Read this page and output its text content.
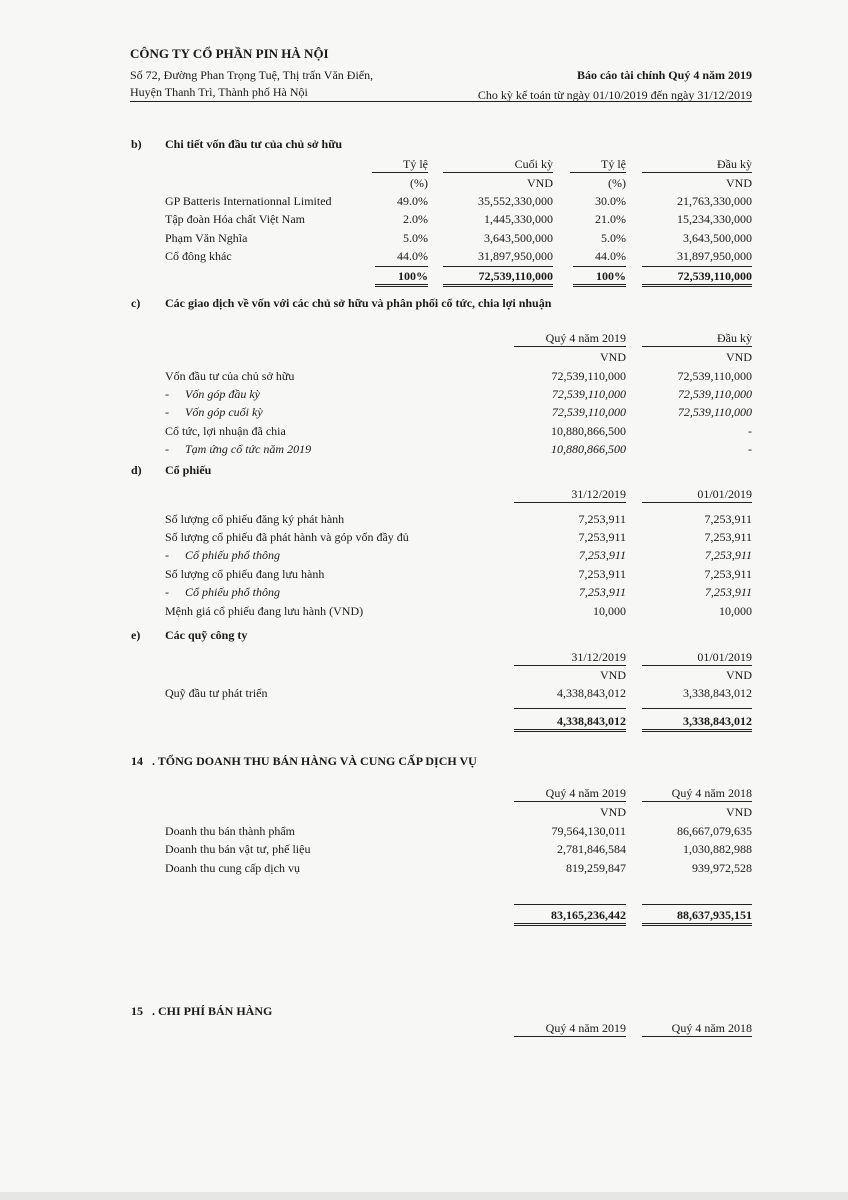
CÔNG TY CỔ PHẦN PIN HÀ NỘI
Số 72, Đường Phan Trọng Tuệ, Thị trấn Văn Điển,
Huyện Thanh Trì, Thành phố Hà Nội
Báo cáo tài chính Quý 4 năm 2019
Cho kỳ kế toán từ ngày 01/10/2019 đến ngày 31/12/2019
b) Chi tiết vốn đầu tư của chủ sở hữu
Tỷ lệ	Cuối kỳ	Tỷ lệ	Đầu kỳ
(%)	VND	(%)	VND
GP Batteris Internationnal Limited	49.0%	35,552,330,000	30.0%	21,763,330,000
Tập đoàn Hóa chất Việt Nam	2.0%	1,445,330,000	21.0%	15,234,330,000
Phạm Văn Nghĩa	5.0%	3,643,500,000	5.0%	3,643,500,000
Cổ đông khác	44.0%	31,897,950,000	44.0%	31,897,950,000
100%	72,539,110,000	100%	72,539,110,000
c) Các giao dịch về vốn với các chủ sở hữu và phân phối cổ tức, chia lợi nhuận
Quý 4 năm 2019	Đầu kỳ
VND	VND
Vốn đầu tư của chủ sở hữu	72,539,110,000	72,539,110,000
- Vốn góp đầu kỳ	72,539,110,000	72,539,110,000
- Vốn góp cuối kỳ	72,539,110,000	72,539,110,000
Cổ tức, lợi nhuận đã chia	10,880,866,500	-
- Tạm ứng cổ tức năm 2019	10,880,866,500	-
d) Cổ phiếu
31/12/2019	01/01/2019
Số lượng cổ phiếu đăng ký phát hành	7,253,911	7,253,911
Số lượng cổ phiếu đã phát hành và góp vốn đầy đủ	7,253,911	7,253,911
- Cổ phiếu phổ thông	7,253,911	7,253,911
Số lượng cổ phiếu đang lưu hành	7,253,911	7,253,911
- Cổ phiếu phổ thông	7,253,911	7,253,911
Mệnh giá cổ phiếu đang lưu hành (VND)	10,000	10,000
e) Các quỹ công ty
31/12/2019	01/01/2019
VND	VND
Quỹ đầu tư phát triển	4,338,843,012	3,338,843,012
4,338,843,012	3,338,843,012
14 . TỔNG DOANH THU BÁN HÀNG VÀ CUNG CẤP DỊCH VỤ
Quý 4 năm 2019	Quý 4 năm 2018
VND	VND
Doanh thu bán thành phẩm	79,564,130,011	86,667,079,635
Doanh thu bán vật tư, phế liệu	2,781,846,584	1,030,882,988
Doanh thu cung cấp dịch vụ	819,259,847	939,972,528
83,165,236,442	88,637,935,151
15 . CHI PHÍ BÁN HÀNG
Quý 4 năm 2019	Quý 4 năm 2018
